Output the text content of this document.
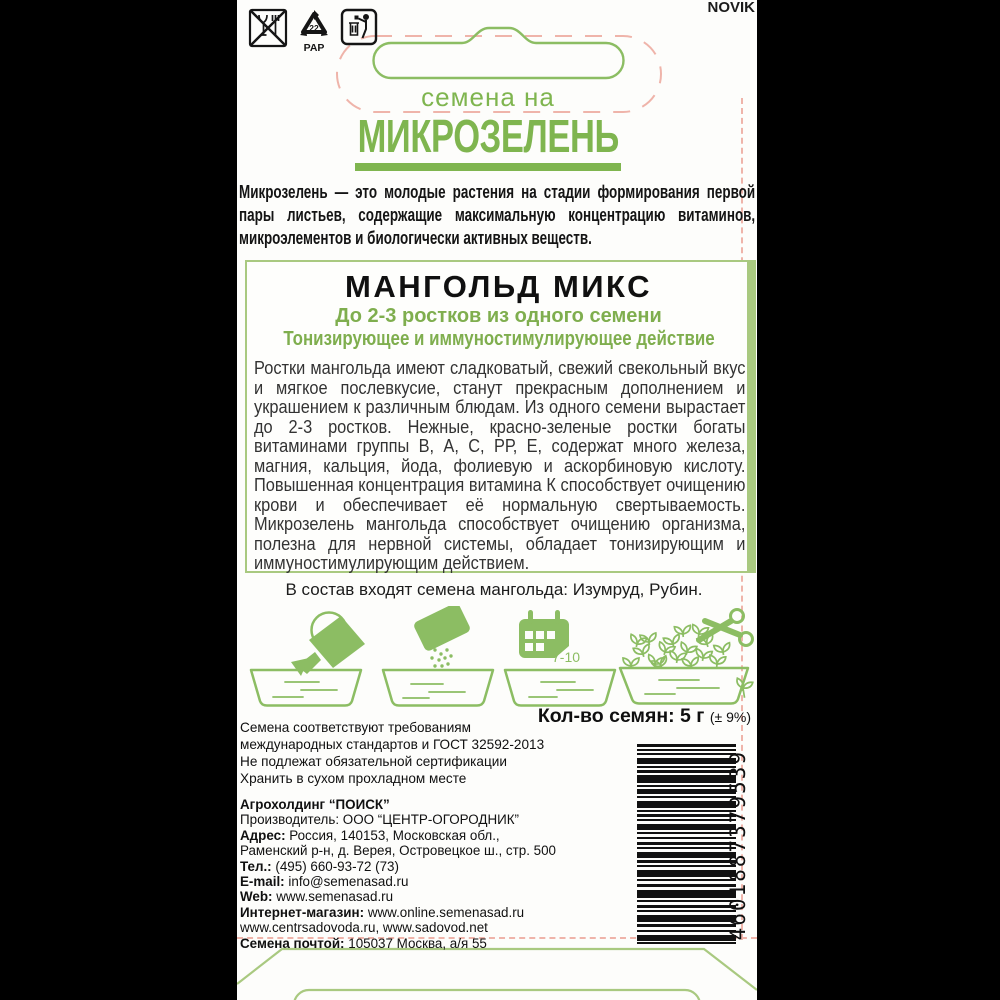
NOVIK
22
PAP
семена на
МИКРОЗЕЛЕНЬ
Микрозелень — это молодые растения на стадии формирования первой пары листьев, содержащие максимальную концентрацию витаминов, микроэлементов и биологически активных веществ.
МАНГОЛЬД МИКС
До 2-3 ростков из одного семени
Тонизирующее и иммуностимулирующее действие
Ростки мангольда имеют сладковатый, свежий свекольный вкус и мягкое послевкусие, станут прекрасным дополнением и украшением к различным блюдам. Из одного семени вырастает до 2-3 ростков. Нежные, красно-зеленые ростки богаты витаминами группы В, А, С, РР, Е, содержат много железа, магния, кальция, йода, фолиевую и аскорбиновую кислоту. Повышенная концентрация витамина К способствует очищению крови и обеспечивает её нормальную свертываемость. Микрозелень мангольда способствует очищению организма, полезна для нервной системы, обладает тонизирующим и иммуностимулирующим действием.
В состав входят семена мангольда: Изумруд, Рубин.
7-10
Кол-во семян: 5 г (± 9%)
Семена соответствуют требованиям
международных стандартов и ГОСТ 32592-2013
Не подлежат обязательной сертификации
Хранить в сухом прохладном месте
Агрохолдинг “ПОИСК”
Производитель: ООО “ЦЕНТР-ОГОРОДНИК”
Адрес: Россия, 140153, Московская обл.,
Раменский р-н, д. Верея, Островецкое ш., стр. 500
Тел.: (495) 660-93-72 (73)
E-mail: info@semenasad.ru
Web: www.semenasad.ru
Интернет-магазин: www.online.semenasad.ru
www.centrsadovoda.ru, www.sadovod.net
Семена почтой: 105037 Москва, а/я 55
4601887379539
